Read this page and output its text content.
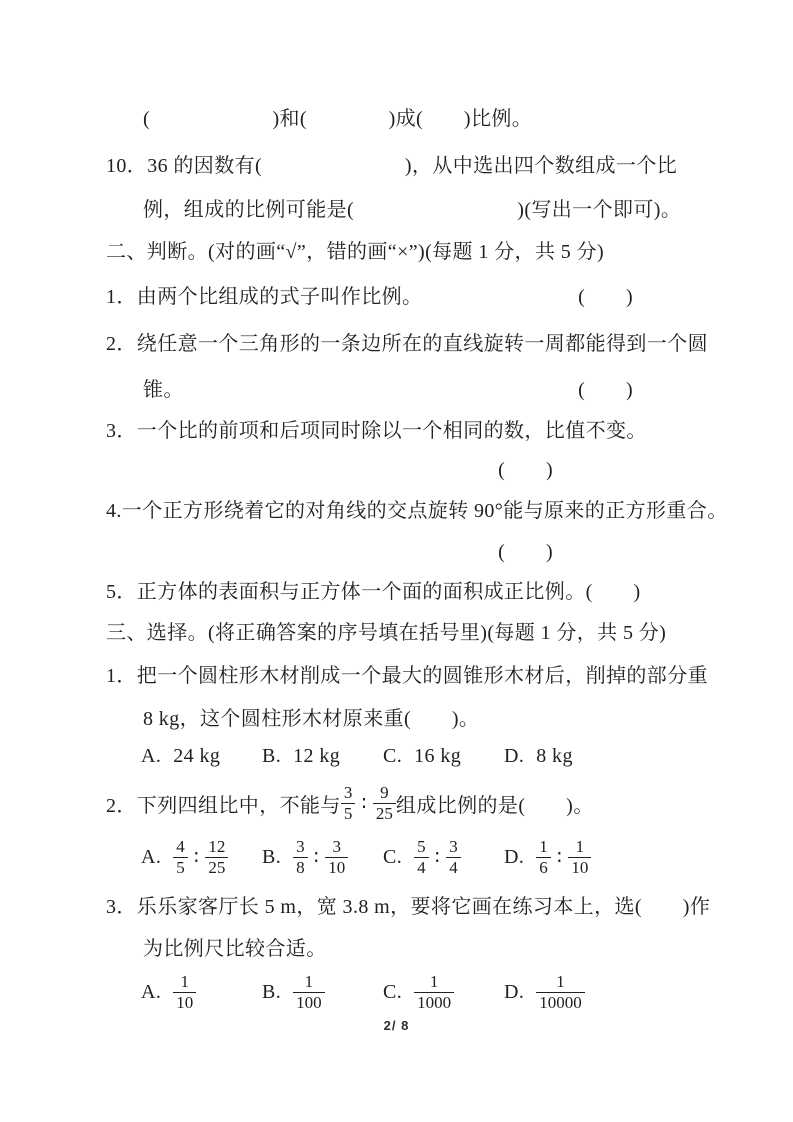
(　　　　　　)和(　　　　)成(　　)比例。
10．36 的因数有(　　　　　　　)，从中选出四个数组成一个比
例，组成的比例可能是(　　　　　　　　)(写出一个即可)。
二、判断。(对的画“√”，错的画“×”)(每题 1 分，共 5 分)
1．由两个比组成的式子叫作比例。	(　　)
2．绕任意一个三角形的一条边所在的直线旋转一周都能得到一个圆
锥。	(　　)
3．一个比的前项和后项同时除以一个相同的数，比值不变。
(　　)
4.一个正方形绕着它的对角线的交点旋转 90°能与原来的正方形重合。
(　　)
5．正方体的表面积与正方体一个面的面积成正比例。 (　　)
三、选择。(将正确答案的序号填在括号里)(每题 1 分，共 5 分)
1．把一个圆柱形木材削成一个最大的圆锥形木材后，削掉的部分重
8 kg，这个圆柱形木材原来重(　　)。
A. 24 kg B. 12 kg C. 16 kg D. 8 kg
2．下列四组比中，不能与 $\frac{3}{5}$ ∶ $\frac{9}{25}$ 组成比例的是(　　)。
A. $\frac{4}{5}$ ∶ $\frac{12}{25} B$. $\frac{3}{8}$ ∶ $\frac{3}{10} C$. $\frac{5}{4}$ ∶ $\frac{3}{4} D$. $\frac{1}{6}$ ∶ $\frac{1}{10}$
3．乐乐家客厅长 5 m，宽 3.8 m，要将它画在练习本上，选(　　)作
为比例尺比较合适。
A. $\frac{1}{10}$	B. $\frac{1}{100}$	C. $\frac{1}{1000} D$. $\frac{1}{10000}$
2/ 8
